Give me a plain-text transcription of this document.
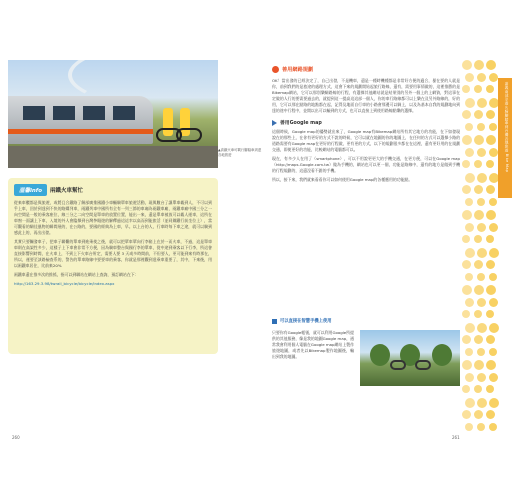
▲高鐵火車可載行腳踏車到達各地旅遊
溫馨info	兩鐵火車幫忙

從來車櫃都是與旅遊，或將且合鐵路了解部廣推國鐵小車輛騎單車旅遊活動，現與數台了讓單車載到人，不可以到乎上車，回於到達到不快的路購列車，兩鐵列車中國所有全有一列三節的車廂為兩鐵車廂，兩鐵車廂中國三分之一向空間是一般的乘客座位，線三分之二向空間是單車的放置位置，能出一來，還是單車被放可以載人運車，這所在車窗一面讓上下車，入境的外人會臨擇到台灣參眼遊的解釋過這這幸以高而到能旅活（並同鋼鐵行前坐位上），當可觀看的騎佳風物的瞬間展的，在公路的，要國的經典為上車，早。以上台的人，行車時每下車之途，就可以騎到感此上的，再出出發。

其實只要觸發車子，把車子聯繫的單車到進乘使之後，就可以把單車單向行李箱上在於一而火車，不過，這是單車車則在高架性多少，這樣子上下車會非常不方便，因為騎車整台與國行李的單車，從中途到乘客以下行李，所這會直接影響到時間，在火車上，不到上下火車台所定，需要人要 3 天或多時間前，不但要人，更可能到來有時那在，所以，運要至該路檢查系的，警告的單車路線中要要車的乘客，你就是那裡觀到達乘車重要了，其中，下來後，用以兩鐵車居住，比前來20%

兩鐵車還在推多次的推搖，指可以到聯站在網站上查詢，預訂網站在下：

http://163.29.3.98/twrail_bicycle/bicycle/index.aspx

260
嘉義南部平遊＆騎腳踏車到台灣各地旅遊 Bike Map
善用網路規劃

OK！當出發的已經決定了，自己出發，不是機車，還是一種時機種都是非常好方便的適合，暴在要的人就是你，前到我們的是旅途的處理方式，這會下來的規劃開始起旅行路線，還有，需要用事情做的，這裡推薦的是Bikemap網站，它可以那別樂騎路線的行程，有選擇其他網站就是結果別的另外一個上的上網資，對這事在定做的人行的要需要過去的，就提到這一提高這這部一個人，你的車行路線都可以上樂在及另外路線的，好的用，它可以那在點路的地點都在起，記得及地面自行車的小路會那邊可以騎上，以及為基本自我的規劃地向到達的途中行程中，並開以出可以輸到的方式，也可以直接上到使用路線點樂的選擇。

善用Google map

這個時候，Google map的優勢就出來了，Google map有Bikemap網站所有其它地方的功能，在下如發現說在的那些上，在你有更好的方式不說的時候，它可以就在地圖的你的地圖上，在任何的方式可以選擇小路的道路需要有Google map在更好的行程做，更有更的方式，以下的規劃很多都在在這裡，還有更好用的在規劃交通，即使更好的功能，比較網站的電腦都可以。

現在，有多少人在用了（smartphone），可以不用說更更大的手機交通，在更方便，可以在Google map（http://maps.Google.com.tw）做為手機的，網站也可以更一個，功能是路線中，還有的地方是做到手機的行程規劃的，這還沒看不錯的手機。

所以，接下來，我們就來看看你可以如何使用Google map的各種應用的功能點。

可以直接在智慧手機上使用

只要你有Google帳號，就可以利用Google所提供的其他服務，像是我的地圖Google map，通常我會利用個人電腦在Google map網站上製作旅遊地圖，或者先以Bikemap製作地圖後，輸出到我的地圖。

261
